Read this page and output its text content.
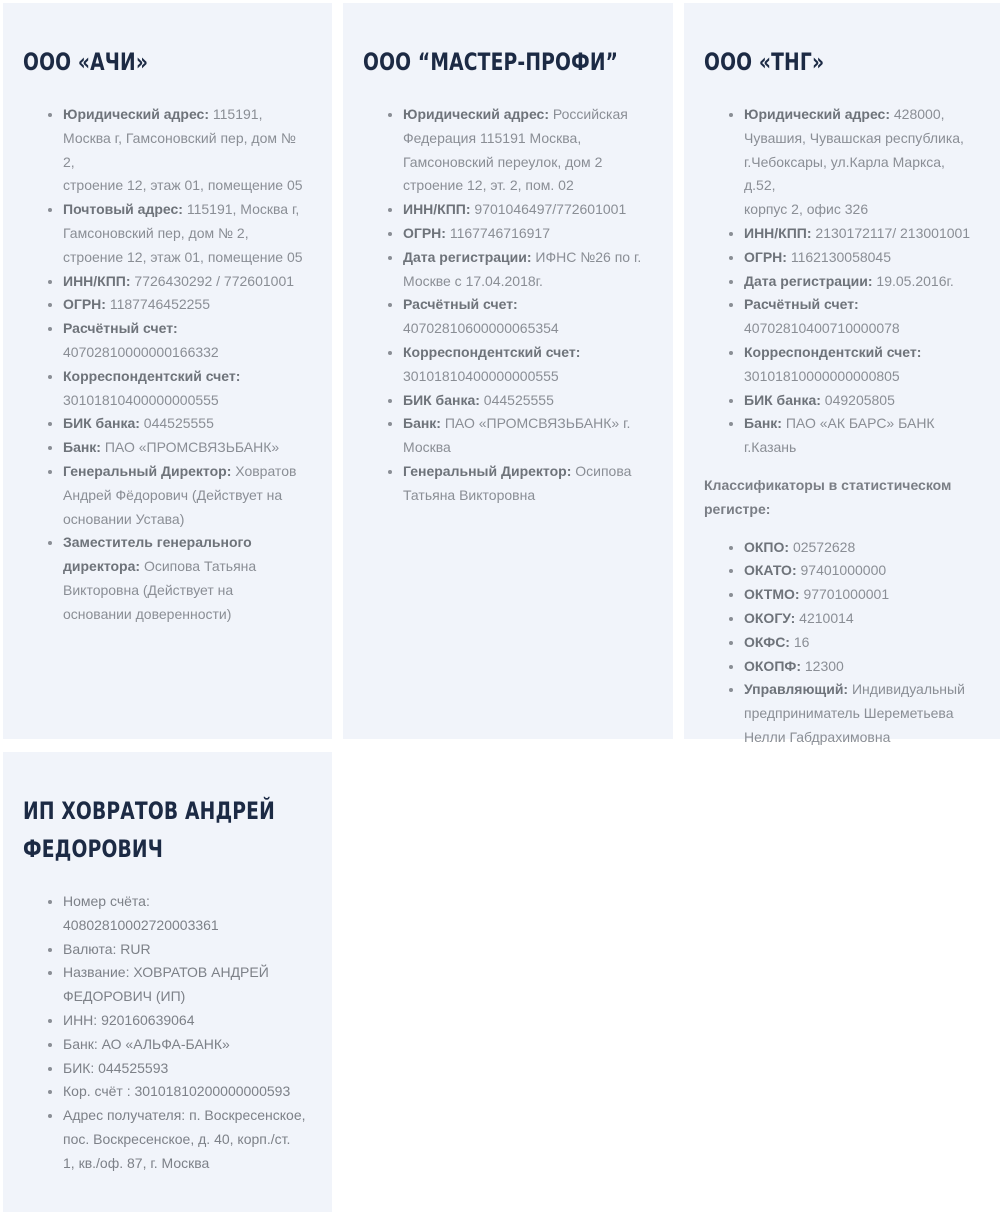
ООО «АЧИ»
• Юридический адрес: 115191,
Москва г, Гамсоновский пер, дом №
2,
строение 12, этаж 01, помещение 05
• Почтовый адрес: 115191, Москва г,
Гамсоновский пер, дом № 2,
строение 12, этаж 01, помещение 05
• ИНН/КПП: 7726430292 / 772601001
• ОГРН: 1187746452255
• Расчётный счет:
40702810000000166332
• Корреспондентский счет:
30101810400000000555
• БИК банка: 044525555
• Банк: ПАО «ПРОМСВЯЗЬБАНК»
• Генеральный Директор: Ховратов
Андрей Фёдорович (Действует на
основании Устава)
• Заместитель генерального
директора: Осипова Татьяна
Викторовна (Действует на
основании доверенности)
ООО “МАСТЕР-ПРОФИ”
• Юридический адрес: Российская
Федерация 115191 Москва,
Гамсоновский переулок, дом 2
строение 12, эт. 2, пом. 02
• ИНН/КПП: 9701046497/772601001
• ОГРН: 1167746716917
• Дата регистрации: ИФНС №26 по г.
Москве с 17.04.2018г.
• Расчётный счет:
40702810600000065354
• Корреспондентский счет:
30101810400000000555
• БИК банка: 044525555
• Банк: ПАО «ПРОМСВЯЗЬБАНК» г.
Москва
• Генеральный Директор: Осипова
Татьяна Викторовна
ООО «ТНГ»
• Юридический адрес: 428000,
Чувашия, Чувашская республика,
г.Чебоксары, ул.Карла Маркса, д.52,
корпус 2, офис 326
• ИНН/КПП: 2130172117/ 213001001
• ОГРН: 1162130058045
• Дата регистрации: 19.05.2016г.
• Расчётный счет:
40702810400710000078
• Корреспондентский счет:
30101810000000000805
• БИК банка: 049205805
• Банк: ПАО «АК БАРС» БАНК г.Казань

Классификаторы в статистическом регистре:

• ОКПО: 02572628
• ОКАТО: 97401000000
• ОКТМО: 97701000001
• ОКОГУ: 4210014
• ОКФС: 16
• ОКОПФ: 12300
• Управляющий: Индивидуальный
предприниматель Шереметьева
Нелли Габдрахимовна
ИП ХОВРАТОВ АНДРЕЙ
ФЕДОРОВИЧ
• Номер счёта:
40802810002720003361
• Валюта: RUR
• Название: ХОВРАТОВ АНДРЕЙ
ФЕДОРОВИЧ (ИП)
• ИНН: 920160639064
• Банк: АО «АЛЬФА-БАНК»
• БИК: 044525593
• Кор. счёт : 30101810200000000593
• Адрес получателя: п. Воскресенское,
пос. Воскресенское, д. 40, корп./ст.
1, кв./оф. 87, г. Москва
